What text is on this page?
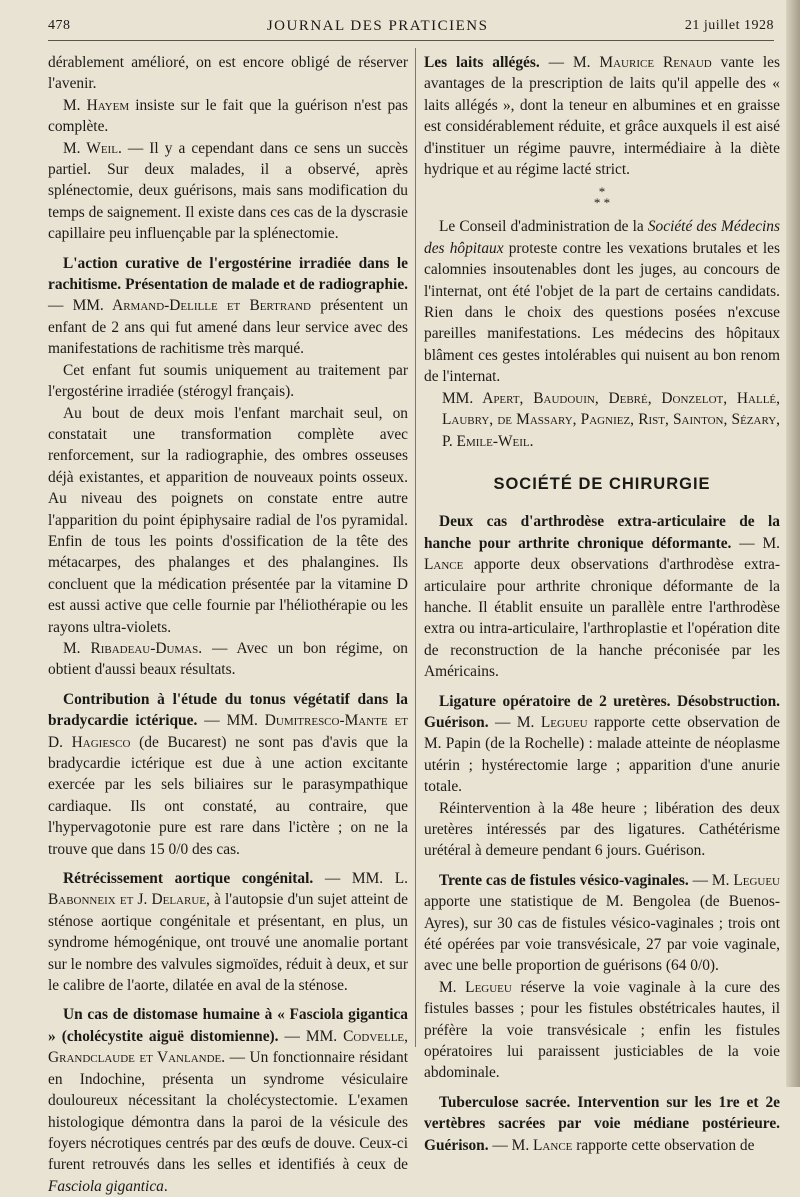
478	JOURNAL DES PRATICIENS	21 juillet 1928

dérablement amélioré, on est encore obligé de réserver l'avenir.

M. Hayem insiste sur le fait que la guérison n'est pas complète.

M. Weil. — Il y a cependant dans ce sens un succès partiel. Sur deux malades, il a observé, après splénectomie, deux guérisons, mais sans modification du temps de saignement. Il existe dans ces cas de la dyscrasie capillaire peu influençable par la splénectomie.

L'action curative de l'ergostérine irradiée dans le rachitisme. Présentation de malade et de radiographie. — MM. Armand-Delille et Bertrand présentent un enfant de 2 ans qui fut amené dans leur service avec des manifestations de rachitisme très marqué.

Cet enfant fut soumis uniquement au traitement par l'ergostérine irradiée (stérogyl français).

Au bout de deux mois l'enfant marchait seul, on constatait une transformation complète avec renforcement, sur la radiographie, des ombres osseuses déjà existantes, et apparition de nouveaux points osseux. Au niveau des poignets on constate entre autre l'apparition du point épiphysaire radial de l'os pyramidal. Enfin de tous les points d'ossification de la tête des métacarpes, des phalanges et des phalangines. Ils concluent que la médication présentée par la vitamine D est aussi active que celle fournie par l'héliothérapie ou les rayons ultra-violets.

M. Ribadeau-Dumas. — Avec un bon régime, on obtient d'aussi beaux résultats.

Contribution à l'étude du tonus végétatif dans la bradycardie ictérique. — MM. Dumitresco-Mante et D. Hagiesco (de Bucarest) ne sont pas d'avis que la bradycardie ictérique est due à une action excitante exercée par les sels biliaires sur le parasympathique cardiaque. Ils ont constaté, au contraire, que l'hypervagotonie pure est rare dans l'ictère ; on ne la trouve que dans 15 0/0 des cas.

Rétrécissement aortique congénital. — MM. L. Babonneix et J. Delarue, à l'autopsie d'un sujet atteint de sténose aortique congénitale et présentant, en plus, un syndrome hémogénique, ont trouvé une anomalie portant sur le nombre des valvules sigmoïdes, réduit à deux, et sur le calibre de l'aorte, dilatée en aval de la sténose.

Un cas de distomase humaine à « Fasciola gigantica » (cholécystite aiguë distomienne). — MM. Codvelle, Grandclaude et Vanlande. — Un fonctionnaire résidant en Indochine, présenta un syndrome vésiculaire douloureux nécessitant la cholécystectomie. L'examen histologique démontra dans la paroi de la vésicule des foyers nécrotiques centrés par des œufs de douve. Ceux-ci furent retrouvés dans les selles et identifiés à ceux de Fasciola gigantica.

Les laits allégés. — M. Maurice Renaud vante les avantages de la prescription de laits qu'il appelle des « laits allégés », dont la teneur en albumines et en graisse est considérablement réduite, et grâce auxquels il est aisé d'instituer un régime pauvre, intermédiaire à la diète hydrique et au régime lacté strict.

*
* *

Le Conseil d'administration de la Société des Médecins des hôpitaux proteste contre les vexations brutales et les calomnies insoutenables dont les juges, au concours de l'internat, ont été l'objet de la part de certains candidats. Rien dans le choix des questions posées n'excuse pareilles manifestations. Les médecins des hôpitaux blâment ces gestes intolérables qui nuisent au bon renom de l'internat.

MM. Apert, Baudouin, Debré, Donzelot, Hallé, Laubry, de Massary, Pagniez, Rist, Sainton, Sézary, P. Emile-Weil.

SOCIÉTÉ DE CHIRURGIE

Deux cas d'arthrodèse extra-articulaire de la hanche pour arthrite chronique déformante. — M. Lance apporte deux observations d'arthrodèse extra-articulaire pour arthrite chronique déformante de la hanche. Il établit ensuite un parallèle entre l'arthrodèse extra ou intra-articulaire, l'arthroplastie et l'opération dite de reconstruction de la hanche préconisée par les Américains.

Ligature opératoire de 2 uretères. Désobstruction. Guérison. — M. Legueu rapporte cette observation de M. Papin (de la Rochelle) : malade atteinte de néoplasme utérin ; hystérectomie large ; apparition d'une anurie totale.

Réintervention à la 48e heure ; libération des deux uretères intéressés par des ligatures. Cathétérisme urétéral à demeure pendant 6 jours. Guérison.

Trente cas de fistules vésico-vaginales. — M. Legueu apporte une statistique de M. Bengolea (de Buenos-Ayres), sur 30 cas de fistules vésico-vaginales ; trois ont été opérées par voie transvésicale, 27 par voie vaginale, avec une belle proportion de guérisons (64 0/0).

M. Legueu réserve la voie vaginale à la cure des fistules basses ; pour les fistules obstétricales hautes, il préfère la voie transvésicale ; enfin les fistules opératoires lui paraissent justiciables de la voie abdominale.

Tuberculose sacrée. Intervention sur les 1re et 2e vertèbres sacrées par voie médiane postérieure. Guérison. — M. Lance rapporte cette observation de
